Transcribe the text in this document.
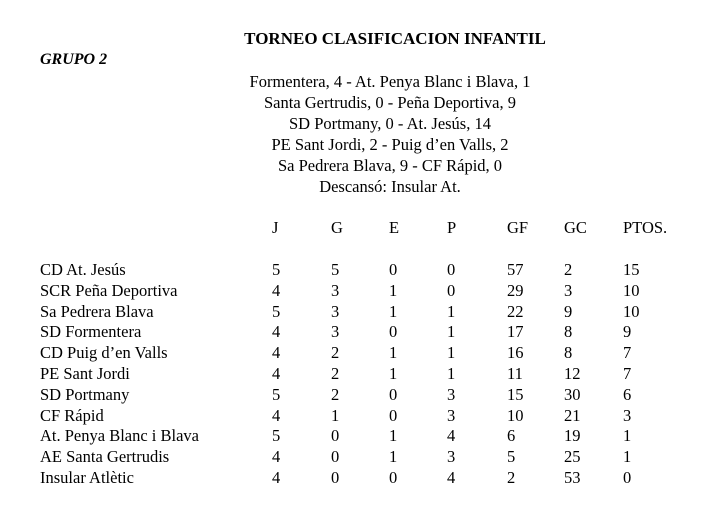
TORNEO CLASIFICACION INFANTIL
GRUPO 2
Formentera, 4 - At. Penya Blanc i Blava, 1
Santa Gertrudis, 0 - Peña Deportiva, 9
SD Portmany, 0 - At. Jesús, 14
PE Sant Jordi, 2 - Puig d’en Valls, 2
Sa Pedrera Blava, 9 - CF Rápid, 0
Descansó: Insular At.
J	G	E	P	GF GC PTOS.
CD At. Jesús	5	5	0	0	57 2	15
SCR Peña Deportiva	4	3	1	0	29 3	10
Sa Pedrera Blava	5	3	1	1	22 9	10
SD Formentera	4	3	0	1	17 8	9
CD Puig d’en Valls	4	2	1	1	16 8	7
PE Sant Jordi	4	2	1	1	11 12	7
SD Portmany	5	2	0	3	15 30	6
CF Rápid	4	1	0	3	10 21	3
At. Penya Blanc i Blava	5	0	1	4	6	19	1
AE Santa Gertrudis	4	0	1	3	5	25	1
Insular Atlètic	4	0	0	4	2	53	0
